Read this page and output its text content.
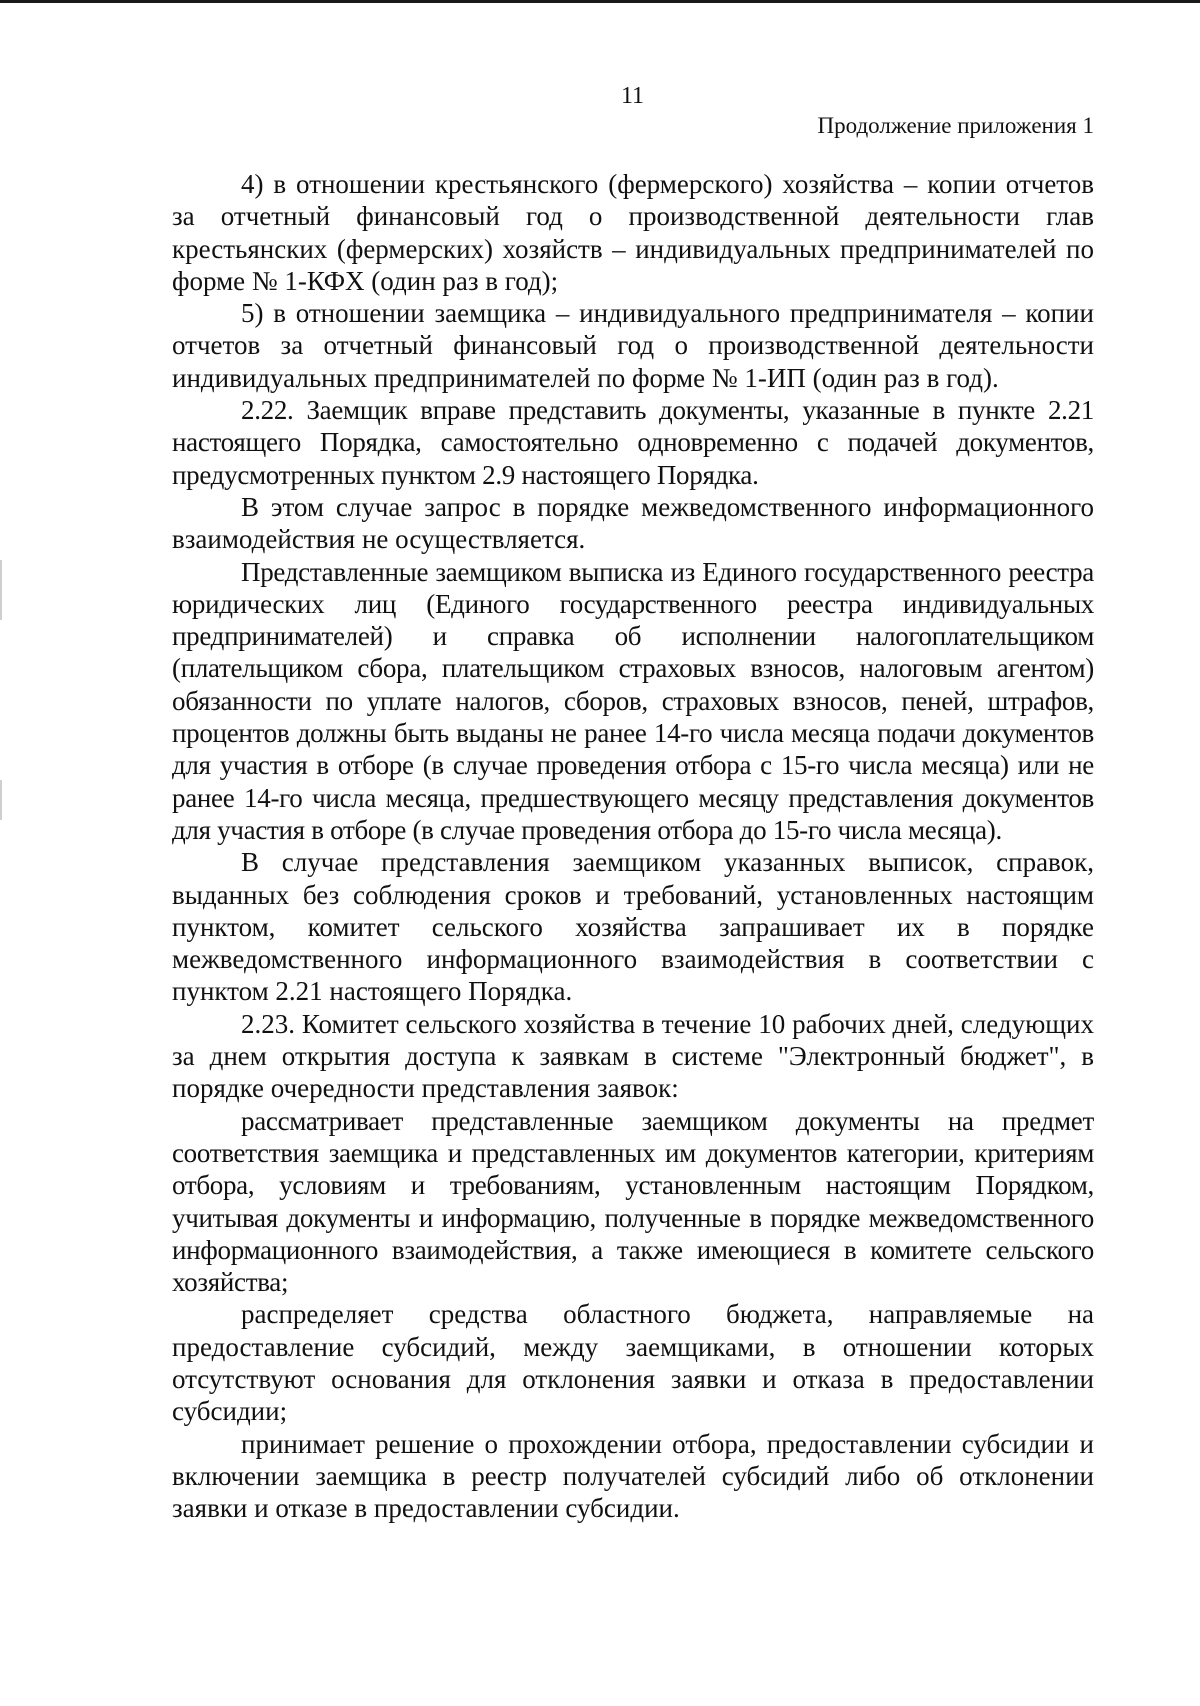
11
Продолжение приложения 1

4) в отношении крестьянского (фермерского) хозяйства – копии отчетов за отчетный финансовый год о производственной деятельности глав крестьянских (фермерских) хозяйств – индивидуальных предпринимателей по форме № 1-КФХ (один раз в год);

5) в отношении заемщика – индивидуального предпринимателя – копии отчетов за отчетный финансовый год о производственной деятельности индивидуальных предпринимателей по форме № 1-ИП (один раз в год).

2.22. Заемщик вправе представить документы, указанные в пункте 2.21 настоящего Порядка, самостоятельно одновременно с подачей документов, предусмотренных пунктом 2.9 настоящего Порядка.

В этом случае запрос в порядке межведомственного информационного взаимодействия не осуществляется.

Представленные заемщиком выписка из Единого государственного реестра юридических лиц (Единого государственного реестра индивидуальных предпринимателей) и справка об исполнении налогоплательщиком (плательщиком сбора, плательщиком страховых взносов, налоговым агентом) обязанности по уплате налогов, сборов, страховых взносов, пеней, штрафов, процентов должны быть выданы не ранее 14-го числа месяца подачи документов для участия в отборе (в случае проведения отбора с 15-го числа месяца) или не ранее 14-го числа месяца, предшествующего месяцу представления документов для участия в отборе (в случае проведения отбора до 15-го числа месяца).

В случае представления заемщиком указанных выписок, справок, выданных без соблюдения сроков и требований, установленных настоящим пунктом, комитет сельского хозяйства запрашивает их в порядке межведомственного информационного взаимодействия в соответствии с пунктом 2.21 настоящего Порядка.

2.23. Комитет сельского хозяйства в течение 10 рабочих дней, следующих за днем открытия доступа к заявкам в системе "Электронный бюджет", в порядке очередности представления заявок:

рассматривает представленные заемщиком документы на предмет соответствия заемщика и представленных им документов категории, критериям отбора, условиям и требованиям, установленным настоящим Порядком, учитывая документы и информацию, полученные в порядке межведомственного информационного взаимодействия, а также имеющиеся в комитете сельского хозяйства;

распределяет средства областного бюджета, направляемые на предоставление субсидий, между заемщиками, в отношении которых отсутствуют основания для отклонения заявки и отказа в предоставлении субсидии;

принимает решение о прохождении отбора, предоставлении субсидии и включении заемщика в реестр получателей субсидий либо об отклонении заявки и отказе в предоставлении субсидии.
